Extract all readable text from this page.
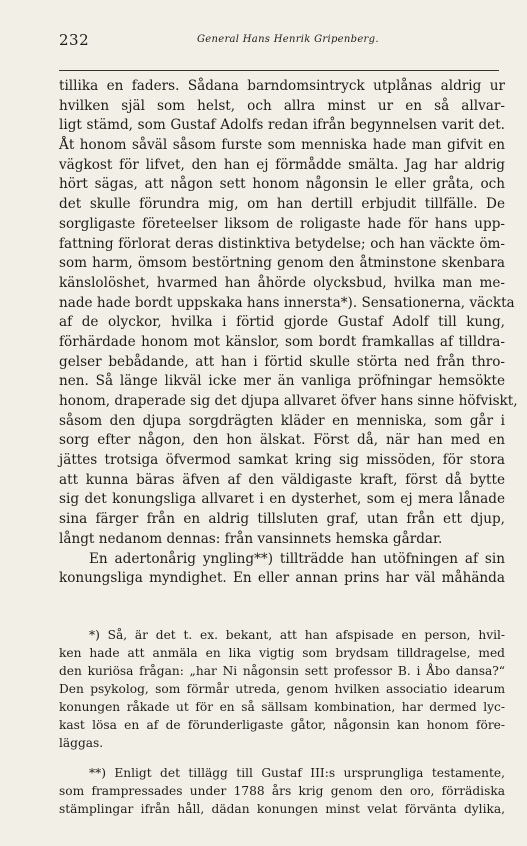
232	General Hans Henrik Gripenberg.
tillika en faders. Sådana barndomsintryck utplånas aldrig ur
hvilken själ som helst, och allra minst ur en så allvar-
ligt stämd, som Gustaf Adolfs redan ifrån begynnelsen varit det.
Åt honom såväl såsom furste som menniska hade man gifvit en
vägkost för lifvet, den han ej förmådde smälta. Jag har aldrig
hört sägas, att någon sett honom någonsin le eller gråta, och
det skulle förundra mig, om han dertill erbjudit tillfälle. De
sorgligaste företeelser liksom de roligaste hade för hans upp-
fattning förlorat deras distinktiva betydelse; och han väckte öm-
som harm, ömsom bestörtning genom den åtminstone skenbara
känslolöshet, hvarmed han åhörde olycksbud, hvilka man me-
nade hade bordt uppskaka hans innersta*). Sensationerna, väckta
af de olyckor, hvilka i förtid gjorde Gustaf Adolf till kung,
förhärdade honom mot känslor, som bordt framkallas af tilldra-
gelser bebådande, att han i förtid skulle störta ned från thro-
nen. Så länge likväl icke mer än vanliga pröfningar hemsökte
honom, draperade sig det djupa allvaret öfver hans sinne höfviskt,
såsom den djupa sorgdrägten kläder en menniska, som går i
sorg efter någon, den hon älskat. Först då, när han med en
jättes trotsiga öfvermod samkat kring sig missöden, för stora
att kunna bäras äfven af den väldigaste kraft, först då bytte
sig det konungsliga allvaret i en dysterhet, som ej mera lånade
sina färger från en aldrig tillsluten graf, utan från ett djup,
långt nedanom dennas: från vansinnets hemska gårdar.
En adertonårig yngling**) tillträdde han utöfningen af sin
konungsliga myndighet. En eller annan prins har väl måhända
*) Så, är det t. ex. bekant, att han afspisade en person, hvil-
ken hade att anmäla en lika vigtig som brydsam tilldragelse, med
den kuriösa frågan: „har Ni någonsin sett professor B. i Åbo dansa?“
Den psykolog, som förmår utreda, genom hvilken associatio idearum
konungen råkade ut för en så sällsam kombination, har dermed lyc-
kast lösa en af de förunderligaste gåtor, någonsin kan honom före-
läggas.
**) Enligt det tillägg till Gustaf III:s ursprungliga testamente,
som frampressades under 1788 års krig genom den oro, förrädiska
stämplingar ifrån håll, dädan konungen minst velat förvänta dylika,
